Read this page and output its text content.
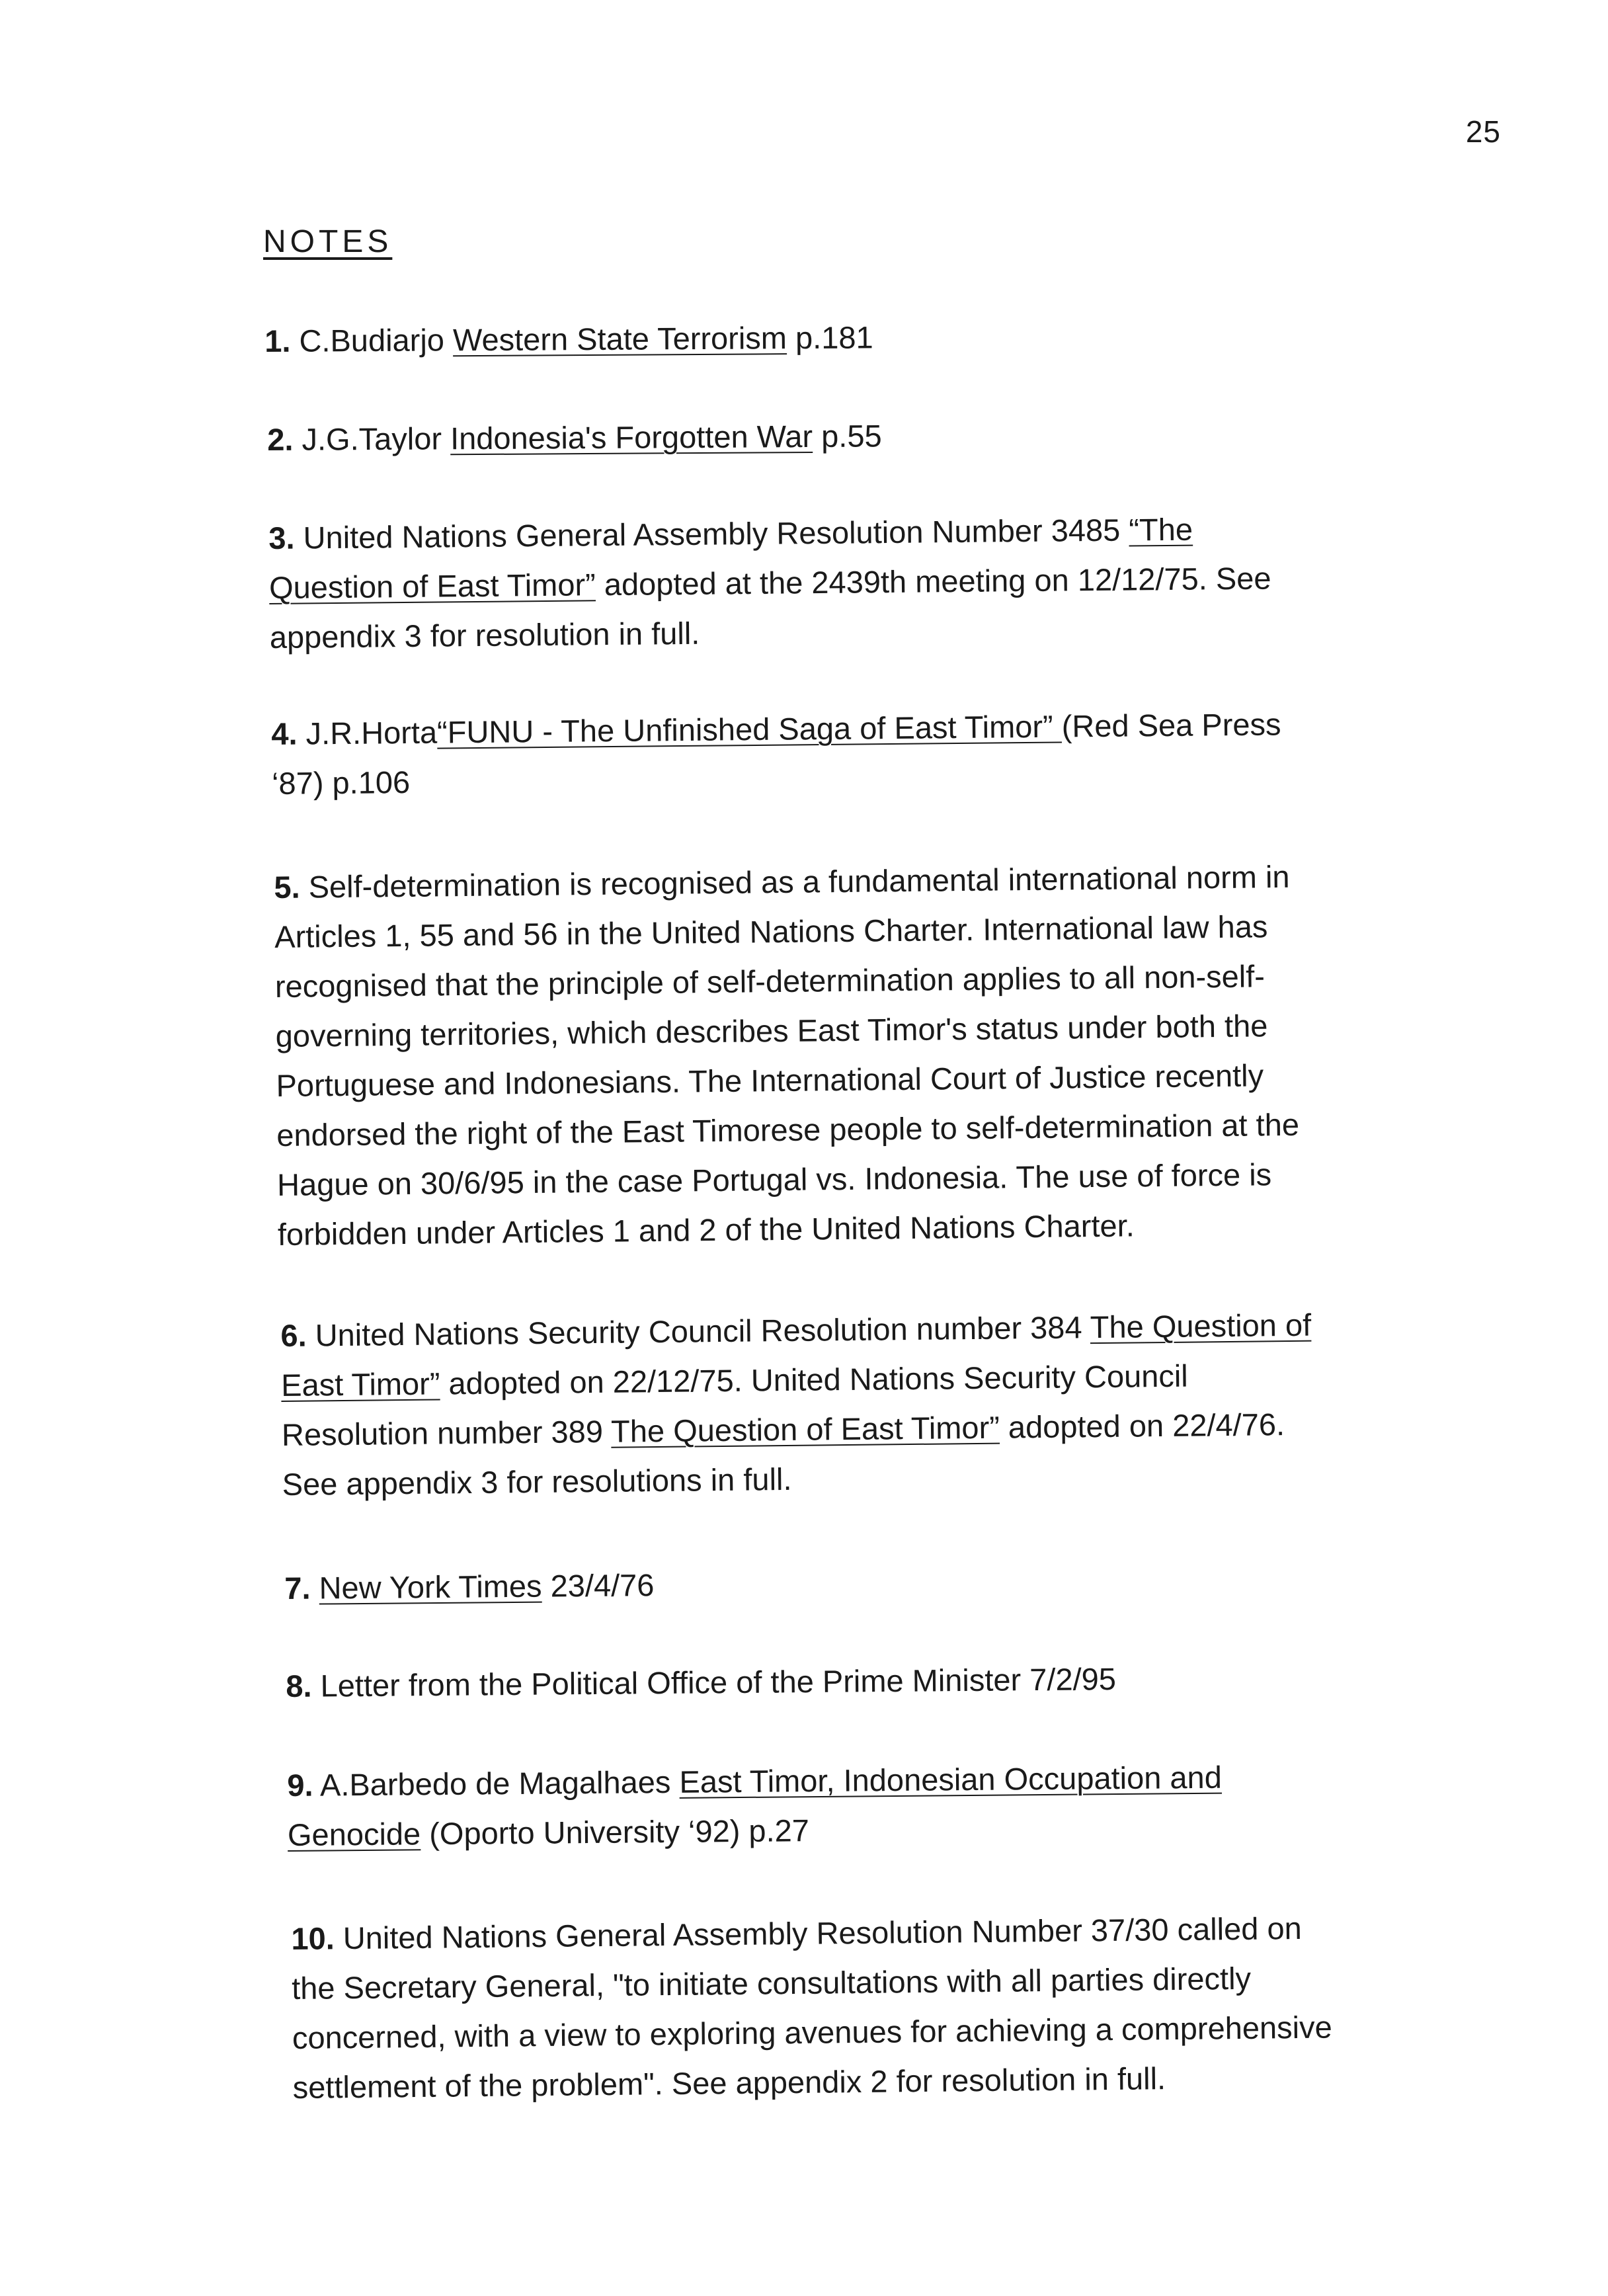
25
NOTES
1. C.Budiarjo Western State Terrorism p.181
2. J.G.Taylor Indonesia's Forgotten War p.55
3. United Nations General Assembly Resolution Number 3485 “The
Question of East Timor” adopted at the 2439th meeting on 12/12/75. See
appendix 3 for resolution in full.
4. J.R.Horta“FUNU - The Unfinished Saga of East Timor” (Red Sea Press
‘87) p.106
5. Self-determination is recognised as a fundamental international norm in
Articles 1, 55 and 56 in the United Nations Charter. International law has
recognised that the principle of self-determination applies to all non-self-
governing territories, which describes East Timor's status under both the
Portuguese and Indonesians. The International Court of Justice recently
endorsed the right of the East Timorese people to self-determination at the
Hague on 30/6/95 in the case Portugal vs. Indonesia. The use of force is
forbidden under Articles 1 and 2 of the United Nations Charter.
6. United Nations Security Council Resolution number 384 The Question of
East Timor” adopted on 22/12/75. United Nations Security Council
Resolution number 389 The Question of East Timor” adopted on 22/4/76.
See appendix 3 for resolutions in full.
7. New York Times 23/4/76
8. Letter from the Political Office of the Prime Minister 7/2/95
9. A.Barbedo de Magalhaes East Timor, Indonesian Occupation and
Genocide (Oporto University ‘92) p.27
10. United Nations General Assembly Resolution Number 37/30 called on
the Secretary General, "to initiate consultations with all parties directly
concerned, with a view to exploring avenues for achieving a comprehensive
settlement of the problem". See appendix 2 for resolution in full.
